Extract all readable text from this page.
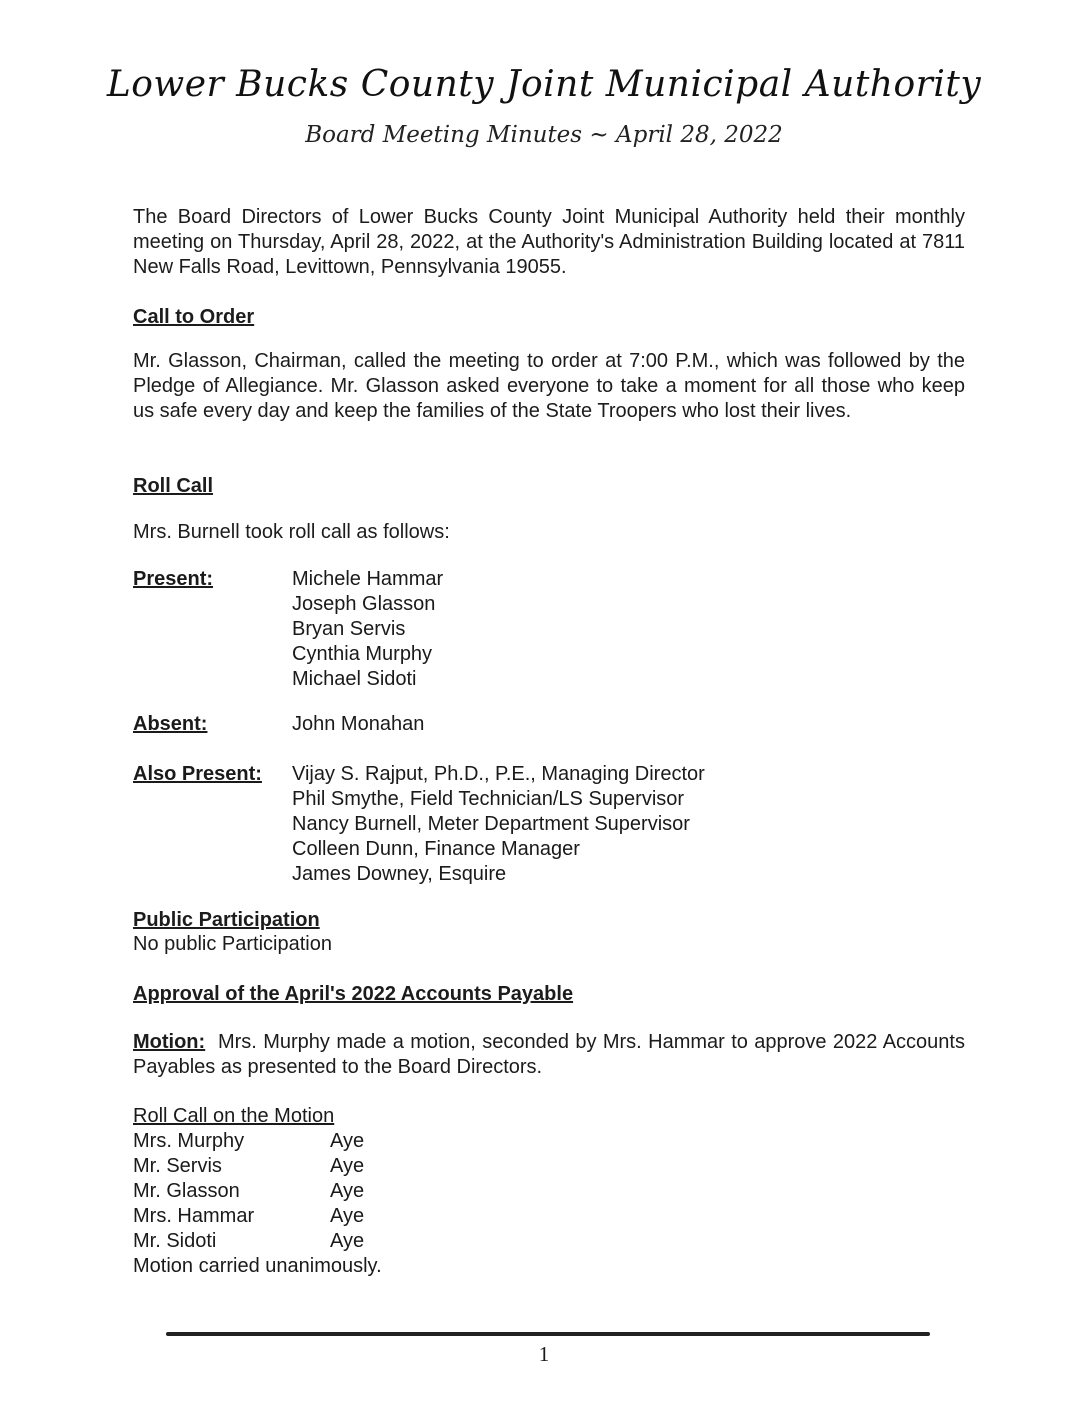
Lower Bucks County Joint Municipal Authority
Board Meeting Minutes ~ April 28, 2022
The Board Directors of Lower Bucks County Joint Municipal Authority held their monthly meeting on Thursday, April 28, 2022, at the Authority's Administration Building located at 7811 New Falls Road, Levittown, Pennsylvania 19055.
Call to Order
Mr. Glasson, Chairman, called the meeting to order at 7:00 P.M., which was followed by the Pledge of Allegiance. Mr. Glasson asked everyone to take a moment for all those who keep us safe every day and keep the families of the State Troopers who lost their lives.
Roll Call
Mrs. Burnell took roll call as follows:
Present:	Michele Hammar
Joseph Glasson
Bryan Servis
Cynthia Murphy
Michael Sidoti
Absent:	John Monahan
Also Present: Vijay S. Rajput, Ph.D., P.E., Managing Director
Phil Smythe, Field Technician/LS Supervisor
Nancy Burnell, Meter Department Supervisor
Colleen Dunn, Finance Manager
James Downey, Esquire
Public Participation
No public Participation
Approval of the April's 2022 Accounts Payable
Motion: Mrs. Murphy made a motion, seconded by Mrs. Hammar to approve 2022 Accounts Payables as presented to the Board Directors.
Roll Call on the Motion
Mrs. Murphy	Aye
Mr. Servis	Aye
Mr. Glasson	Aye
Mrs. Hammar	Aye
Mr. Sidoti	Aye
Motion carried unanimously.
1
